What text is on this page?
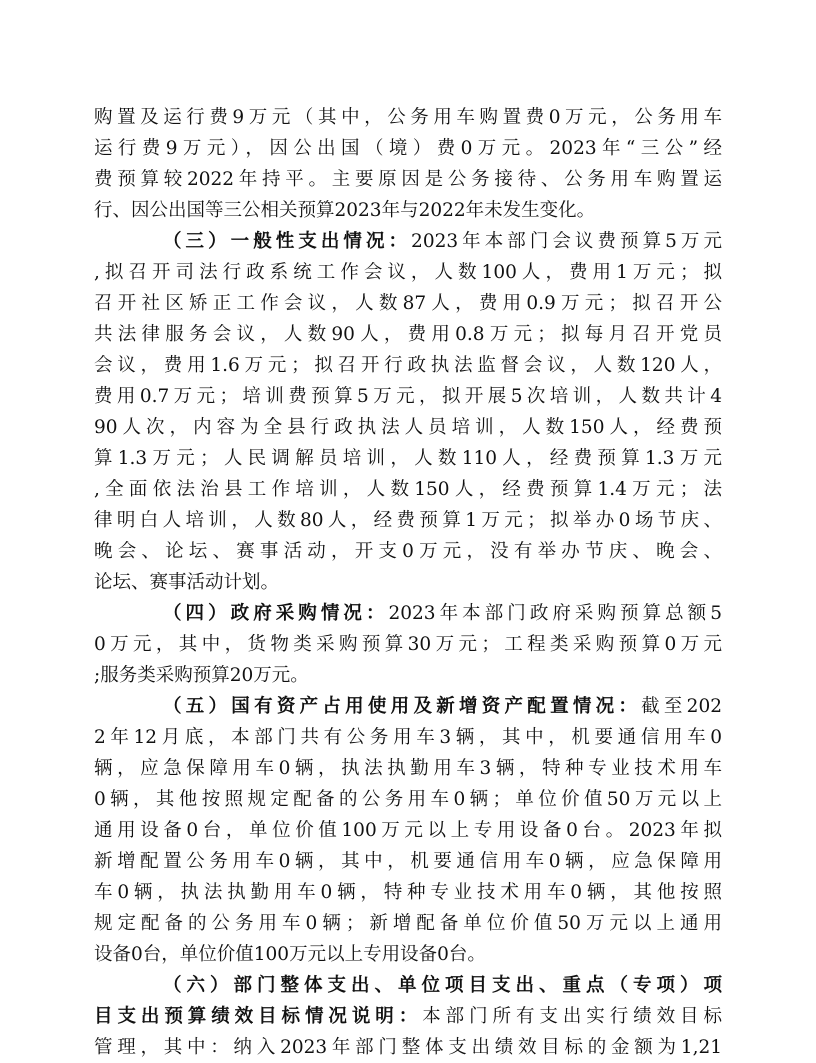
购置及运行费9万元（其中，公务用车购置费0万元，公务用车
运行费9万元），因公出国（境）费0万元。2023年“三公”经
费预算较2022年持平。主要原因是公务接待、公务用车购置运
行、因公出国等三公相关预算2023年与2022年未发生变化。
（三）一般性支出情况：2023年本部门会议费预算5万元
,拟召开司法行政系统工作会议，人数100人，费用1万元；拟
召开社区矫正工作会议，人数87人，费用0.9万元；拟召开公
共法律服务会议，人数90人，费用0.8万元；拟每月召开党员
会议，费用1.6万元；拟召开行政执法监督会议，人数120人，
费用0.7万元；培训费预算5万元，拟开展5次培训，人数共计4
90人次，内容为全县行政执法人员培训，人数150人，经费预
算1.3万元；人民调解员培训，人数110人，经费预算1.3万元
,全面依法治县工作培训，人数150人，经费预算1.4万元；法
律明白人培训，人数80人，经费预算1万元；拟举办0场节庆、
晚会、论坛、赛事活动，开支0万元，没有举办节庆、晚会、
论坛、赛事活动计划。
（四）政府采购情况：2023年本部门政府采购预算总额5
0万元，其中，货物类采购预算30万元；工程类采购预算0万元
;服务类采购预算20万元。
（五）国有资产占用使用及新增资产配置情况：截至202
2年12月底，本部门共有公务用车3辆，其中，机要通信用车0
辆，应急保障用车0辆，执法执勤用车3辆，特种专业技术用车
0辆，其他按照规定配备的公务用车0辆；单位价值50万元以上
通用设备0台，单位价值100万元以上专用设备0台。2023年拟
新增配置公务用车0辆，其中，机要通信用车0辆，应急保障用
车0辆，执法执勤用车0辆，特种专业技术用车0辆，其他按照
规定配备的公务用车0辆；新增配备单位价值50万元以上通用
设备0台，单位价值100万元以上专用设备0台。
（六）部门整体支出、单位项目支出、重点（专项）项
目支出预算绩效目标情况说明：本部门所有支出实行绩效目标
管理，其中：纳入2023年部门整体支出绩效目标的金额为1,21
